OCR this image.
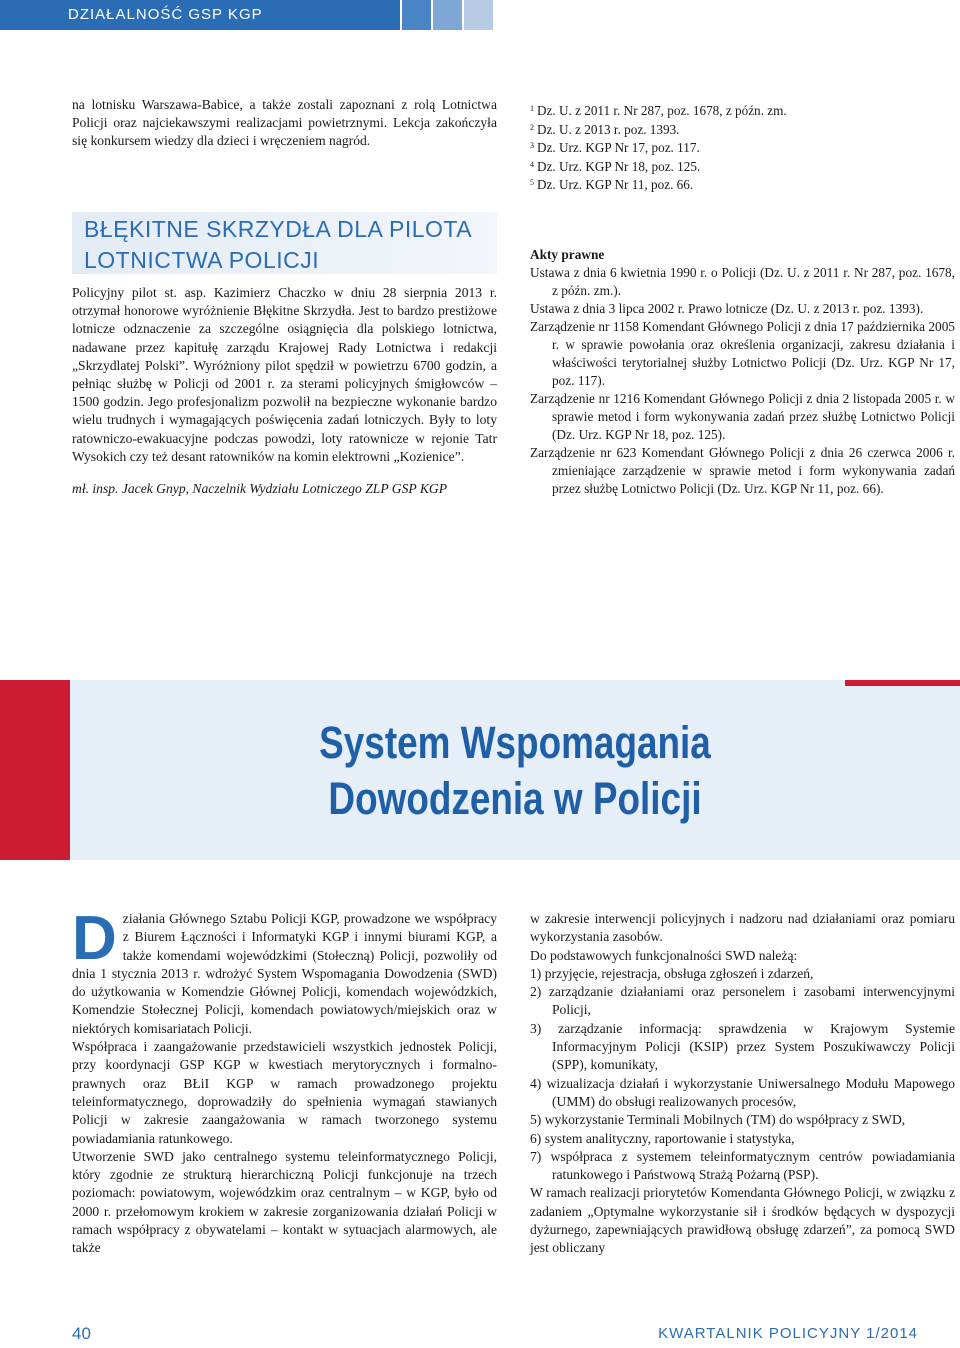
DZIAŁALNOŚĆ GSP KGP

na lotnisku Warszawa-Babice, a także zostali zapoznani z rolą Lotnictwa Policji oraz najciekawszymi realizacjami powietrznymi. Lekcja zakończyła się konkursem wiedzy dla dzieci i wręczeniem nagród.

BŁĘKITNE SKRZYDŁA DLA PILOTA
LOTNICTWA POLICJI

Policyjny pilot st. asp. Kazimierz Chaczko w dniu 28 sierpnia 2013 r. otrzymał honorowe wyróżnienie Błękitne Skrzydła. Jest to bardzo prestiżowe lotnicze odznaczenie za szczególne osiągnięcia dla polskiego lotnictwa, nadawane przez kapitułę zarządu Krajowej Rady Lotnictwa i redakcji „Skrzydlatej Polski”. Wyróżniony pilot spędził w powietrzu 6700 godzin, a pełniąc służbę w Policji od 2001 r. za sterami policyjnych śmigłowców – 1500 godzin. Jego profesjonalizm pozwolił na bezpieczne wykonanie bardzo wielu trudnych i wymagających poświęcenia zadań lotniczych. Były to loty ratowniczo-ewakuacyjne podczas powodzi, loty ratownicze w rejonie Tatr Wysokich czy też desant ratowników na komin elektrowni „Kozienice”.

mł. insp. Jacek Gnyp, Naczelnik Wydziału Lotniczego ZLP GSP KGP

$^1$ Dz. U. z 2011 r. Nr 287, poz. 1678, z późn. zm.
$^2$ Dz. U. z 2013 r. poz. 1393.
$^3$ Dz. Urz. KGP Nr 17, poz. 117.
$^4$ Dz. Urz. KGP Nr 18, poz. 125.
$^5$ Dz. Urz. KGP Nr 11, poz. 66.

Akty prawne

Ustawa z dnia 6 kwietnia 1990 r. o Policji (Dz. U. z 2011 r. Nr 287, poz. 1678, z późn. zm.).

Ustawa z dnia 3 lipca 2002 r. Prawo lotnicze (Dz. U. z 2013 r. poz. 1393).

Zarządzenie nr 1158 Komendant Głównego Policji z dnia 17 października 2005 r. w sprawie powołania oraz określenia organizacji, zakresu działania i właściwości terytorialnej służby Lotnictwo Policji (Dz. Urz. KGP Nr 17, poz. 117).

Zarządzenie nr 1216 Komendant Głównego Policji z dnia 2 listopada 2005 r. w sprawie metod i form wykonywania zadań przez służbę Lotnictwo Policji (Dz. Urz. KGP Nr 18, poz. 125).

Zarządzenie nr 623 Komendant Głównego Policji z dnia 26 czerwca 2006 r. zmieniające zarządzenie w sprawie metod i form wykonywania zadań przez służbę Lotnictwo Policji (Dz. Urz. KGP Nr 11, poz. 66).

System Wspomagania
Dowodzenia w Policji

Działania Głównego Sztabu Policji KGP, prowadzone we współpracy z Biurem Łączności i Informatyki KGP i innymi biurami KGP, a także komendami wojewódzkimi (Stołeczną) Policji, pozwoliły od dnia 1 stycznia 2013 r. wdrożyć System Wspomagania Dowodzenia (SWD) do użytkowania w Komendzie Głównej Policji, komendach wojewódzkich, Komendzie Stołecznej Policji, komendach powiatowych/miejskich oraz w niektórych komisariatach Policji.

Współpraca i zaangażowanie przedstawicieli wszystkich jednostek Policji, przy koordynacji GSP KGP w kwestiach merytorycznych i formalno-prawnych oraz BŁiI KGP w ramach prowadzonego projektu teleinformatycznego, doprowadziły do spełnienia wymagań stawianych Policji w zakresie zaangażowania w ramach tworzonego systemu powiadamiania ratunkowego.

Utworzenie SWD jako centralnego systemu teleinformatycznego Policji, który zgodnie ze strukturą hierarchiczną Policji funkcjonuje na trzech poziomach: powiatowym, wojewódzkim oraz centralnym – w KGP, było od 2000 r. przełomowym krokiem w zakresie zorganizowania działań Policji w ramach współpracy z obywatelami – kontakt w sytuacjach alarmowych, ale także

w zakresie interwencji policyjnych i nadzoru nad działaniami oraz pomiaru wykorzystania zasobów.

Do podstawowych funkcjonalności SWD należą:

1) przyjęcie, rejestracja, obsługa zgłoszeń i zdarzeń,

2) zarządzanie działaniami oraz personelem i zasobami interwencyjnymi Policji,

3) zarządzanie informacją: sprawdzenia w Krajowym Systemie Informacyjnym Policji (KSIP) przez System Poszukiwawczy Policji (SPP), komunikaty,

4) wizualizacja działań i wykorzystanie Uniwersalnego Modułu Mapowego (UMM) do obsługi realizowanych procesów,

5) wykorzystanie Terminali Mobilnych (TM) do współpracy z SWD,

6) system analityczny, raportowanie i statystyka,

7) współpraca z systemem teleinformatycznym centrów powiadamiania ratunkowego i Państwową Strażą Pożarną (PSP).

W ramach realizacji priorytetów Komendanta Głównego Policji, w związku z zadaniem „Optymalne wykorzystanie sił i środków będących w dyspozycji dyżurnego, zapewniających prawidłową obsługę zdarzeń”, za pomocą SWD jest obliczany

40	KWARTALNIK POLICYJNY 1/2014
